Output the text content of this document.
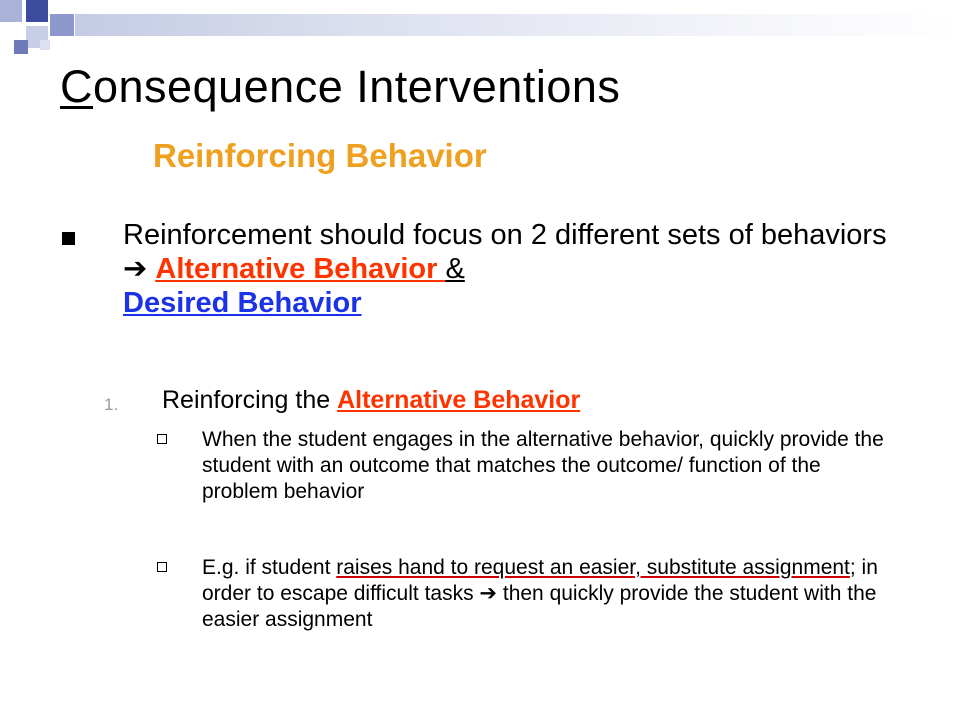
Consequence Interventions
Reinforcing Behavior
Reinforcement should focus on 2 different sets of behaviors ➔ Alternative Behavior &
Desired Behavior
1. Reinforcing the Alternative Behavior
When the student engages in the alternative behavior, quickly provide the student with an outcome that matches the outcome/ function of the problem behavior
E.g. if student raises hand to request an easier, substitute assignment; in order to escape difficult tasks ➔ then quickly provide the student with the easier assignment
